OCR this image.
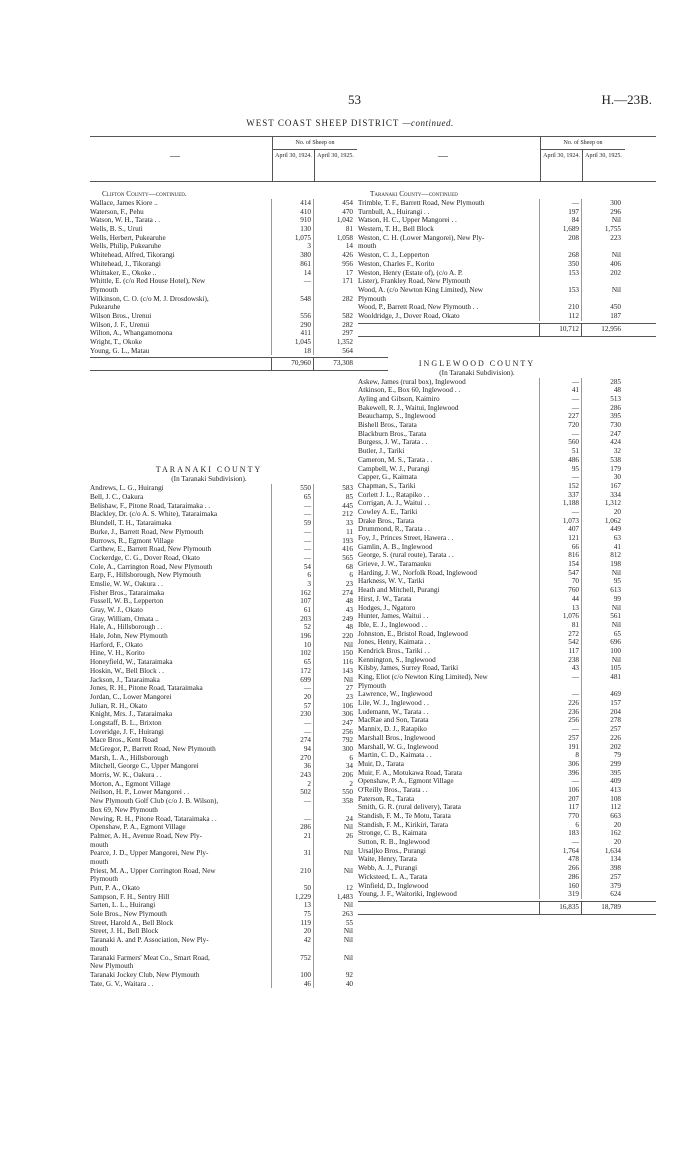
53	H.—23B.
WEST COAST SHEEP DISTRICT —continued.
—
No. of Sheep on
April 30, 1924. April 30, 1925.
Clifton County—continued.
Wallace, James Kiore ..	414	454
Waterson, F., Pehu	410	470
Watson, W. H., Tarata . .	910	1,042
Wells, B. S., Uruti	130	81
Wells, Herbert, Pukearuhe	1,075	1,058
Wells, Philip, Pukearuhe	3	14
Whitehead, Alfred, Tikorangi	380	426
Whitehead, J., Tikorangi	861	956
Whittaker, E., Okoke ..	14	17
Whittle, E. (c/o Red House Hotel), New	—	171
Plymouth
Wilkinson, C. O. (c/o M. J. Drosdowski),	548	282
Pukearuhe
Wilson Bros., Urenui	556	582
Wilson, J. F., Urenui	290	282
Wilton, A., Whangamomona	411	297
Wright, T., Okoke	1,045	1,352
Young, G. L., Matau	18	564
70,960	73,308
TARANAKI COUNTY
(In Taranaki Subdivision).
Andrews, L. G., Huirangi	550	583
Bell, J. C., Oakura	65	85
Belishaw, F., Pitone Road, Tataraimaka . .	—	445
Blackley, Dr. (c/o A. S. White), Tataraimaka	—	212
Blundell, T. H., Tataraimaka	59	33
Burke, J., Barrett Road, New Plymouth	—	11
Burrows, R., Egmont Village	—	193
Carthew, E., Barrett Road, New Plymouth	—	416
Cockerdge, C. G., Dover Road, Okato	—	565
Cole, A., Carrington Road, New Plymouth	54	68
Earp, F., Hillsborough, New Plymouth	6	6
Emslie, W. W., Oakura . .	3	23
Fisher Bros., Tataraimaka	162	274
Fussell, W. B., Lepperton	107	48
Gray, W. J., Okato	61	43
Gray, William, Omata ..	203	249
Hale, A., Hillsborough . .	52	48
Hale, John, New Plymouth	196	220
Harford, F., Okato	10	Nil
Hine, V. H., Korito	102	150
Honeyfield, W., Tataraimaka	65	116
Hoskin, W., Bell Block . .	172	143
Jackson, J., Tataraimaka	699	Nil
Jones, R. H., Pitone Road, Tataraimaka	—	27
Jordan, C., Lower Mangorei	20	23
Julian, R. H., Okato	57	106
Knight, Mrs. J., Tataraimaka	230	306
Longstaff, B. L., Brixton	—	247
Loveridge, J. F., Huirangi	—	256
Mace Bros., Kent Road	274	792
McGregor, P., Barrett Road, New Plymouth	94	300
Marsh, L. A., Hillsborough	270	6
Mitchell, George C., Upper Mangorei	36	34
Morris, W. K., Oakura . .	243	206
Morton, A., Egmont Village	2	2
Neilson, H. P., Lower Mangorei . .	502	550
New Plymouth Golf Club (c/o J. B. Wilson),	—	358
Box 69, New Plymouth
Newing, R. H., Pitone Road, Tataraimaka . .	—	24
Openshaw, P. A., Egmont Village	286	Nil
Palmer, A. H., Avenue Road, New Ply-	21	26
mouth
Pearce, J. D., Upper Mangorei, New Ply-	31	Nil
mouth
Priest, M. A., Upper Corrington Road, New	210	Nil
Plymouth
Putt, P. A., Okato	50	12
Sampson, F. H., Sentry Hill	1,229	1,483
Sarten, L. L., Huirangi	13	Nil
Sole Bros., New Plymouth	75	263
Street, Harold A., Bell Block	119	55
Street, J. H., Bell Block	20	Nil
Taranaki A. and P. Association, New Ply-	42	Nil
mouth
Taranaki Farmers' Meat Co., Smart Road,	752	Nil
New Plymouth
Taranaki Jockey Club, New Plymouth	100	92
Tate, G. V., Waitara . .	46	40
—
No. of Sheep on
April 30, 1924. April 30, 1925.
Taranaki County—continued
Trimble, T. F., Barrett Road, New Plymouth	—	300
Turnbull, A., Huirangi . .	197	296
Watson, H. C., Upper Mangorei . .	84	Nil
Western, T. H., Bell Block	1,689	1,755
Weston, C. H. (Lower Mangorei), New Ply-	208	223
mouth
Weston, C. J., Lepperton	268	Nil
Weston, Charles F., Korito	350	406
Weston, Henry (Estate of), (c/o A. P.	153	202
Lister), Frankley Road, New Plymouth
Wood, A. (c/o Newton King Limited), New	153	Nil
Plymouth
Wood, P., Barrett Road, New Plymouth . .	210	450
Wooldridge, J., Dover Road, Okato	112	187
10,712	12,956
INGLEWOOD COUNTY
(In Taranaki Subdivision).
Askew, James (rural box), Inglewood	—	285
Atkinson, E., Box 60, Inglewood . .	41	48
Ayling and Gibson, Kaimiro	—	513
Bakewell, R. J., Waitui, Inglewood	—	286
Beauchamp, S., Inglewood	227	395
Bishell Bros., Tarata	720	730
Blackburn Bros., Tarata	—	247
Burgess, J. W., Tarata . .	560	424
Butler, J., Tariki	51	32
Cameron, M. S., Tarata . .	486	538
Campbell, W. J., Purangi	95	179
Capper, G., Kaimata	—	30
Chapman, S., Tariki	152	167
Corlett J. L., Ratapiko . .	337	334
Corrigan, A. J., Waitui . .	1,188	1,312
Cowley A. E., Tariki	—	20
Drake Bros., Tarata	1,073	1,062
Drummond, R., Tarata . .	407	449
Foy, J., Princes Street, Hawera . .	121	63
Gamlin, A. B., Inglewood	66	41
George, S. (rural route), Tarata . .	816	812
Grieve, J. W., Taramauku	154	198
Harding, J. W., Norfolk Road, Inglewood	547	Nil
Harkness, W. V., Tariki	70	95
Heath and Mitchell, Purangi	760	613
Hirst, J. W., Tarata	44	99
Hodges, J., Ngatoro	13	Nil
Hunter, James, Waitui . .	1,076	561
Ible, E. J., Inglewood . .	81	Nil
Johnston, E., Bristol Road, Inglewood	272	65
Jones, Henry, Kaimata . .	542	696
Kendrick Bros., Tariki . .	117	100
Kennington, S., Inglewood	238	Nil
Kilsby, James, Surrey Road, Tariki	43	105
King, Eliot (c/o Newton King Limited), New	—	481
Plymouth
Lawrence, W., Inglewood	—	469
Lile, W. J., Inglewood . .	226	157
Ludemann, W., Tarata . .	236	204
MacRae and Son, Tarata	256	278
Mannix, D. J., Ratapiko	—	257
Marshall Bros., Inglewood	257	226
Marshall, W. G., Inglewood	191	202
Martin, C. D., Kaimata . .	8	79
Muir, D., Tarata	306	299
Muir, F. A., Motukawa Road, Tarata	396	395
Openshaw, P. A., Egmont Village	—	409
O'Reilly Bros., Tarata . .	106	413
Paterson, R., Tarata	207	108
Smith, G. R. (rural delivery), Tarata	117	112
Standish, F. M., Te Motu, Tarata	770	663
Standish, F. M., Kirikiri, Tarata	6	20
Stronge, C. B., Kaimata	183	162
Sutton, R. B., Inglewood	—	20
Ursaljko Bros., Purangi	1,764	1,634
Waite, Henry, Tarata	478	134
Webb, A. J., Purangi	266	398
Wicksteed, L. A., Tarata	286	257
Winfield, D., Inglewood	160	379
Young, J. F., Waitoriki, Inglewood	319	624
16,835	18,789
